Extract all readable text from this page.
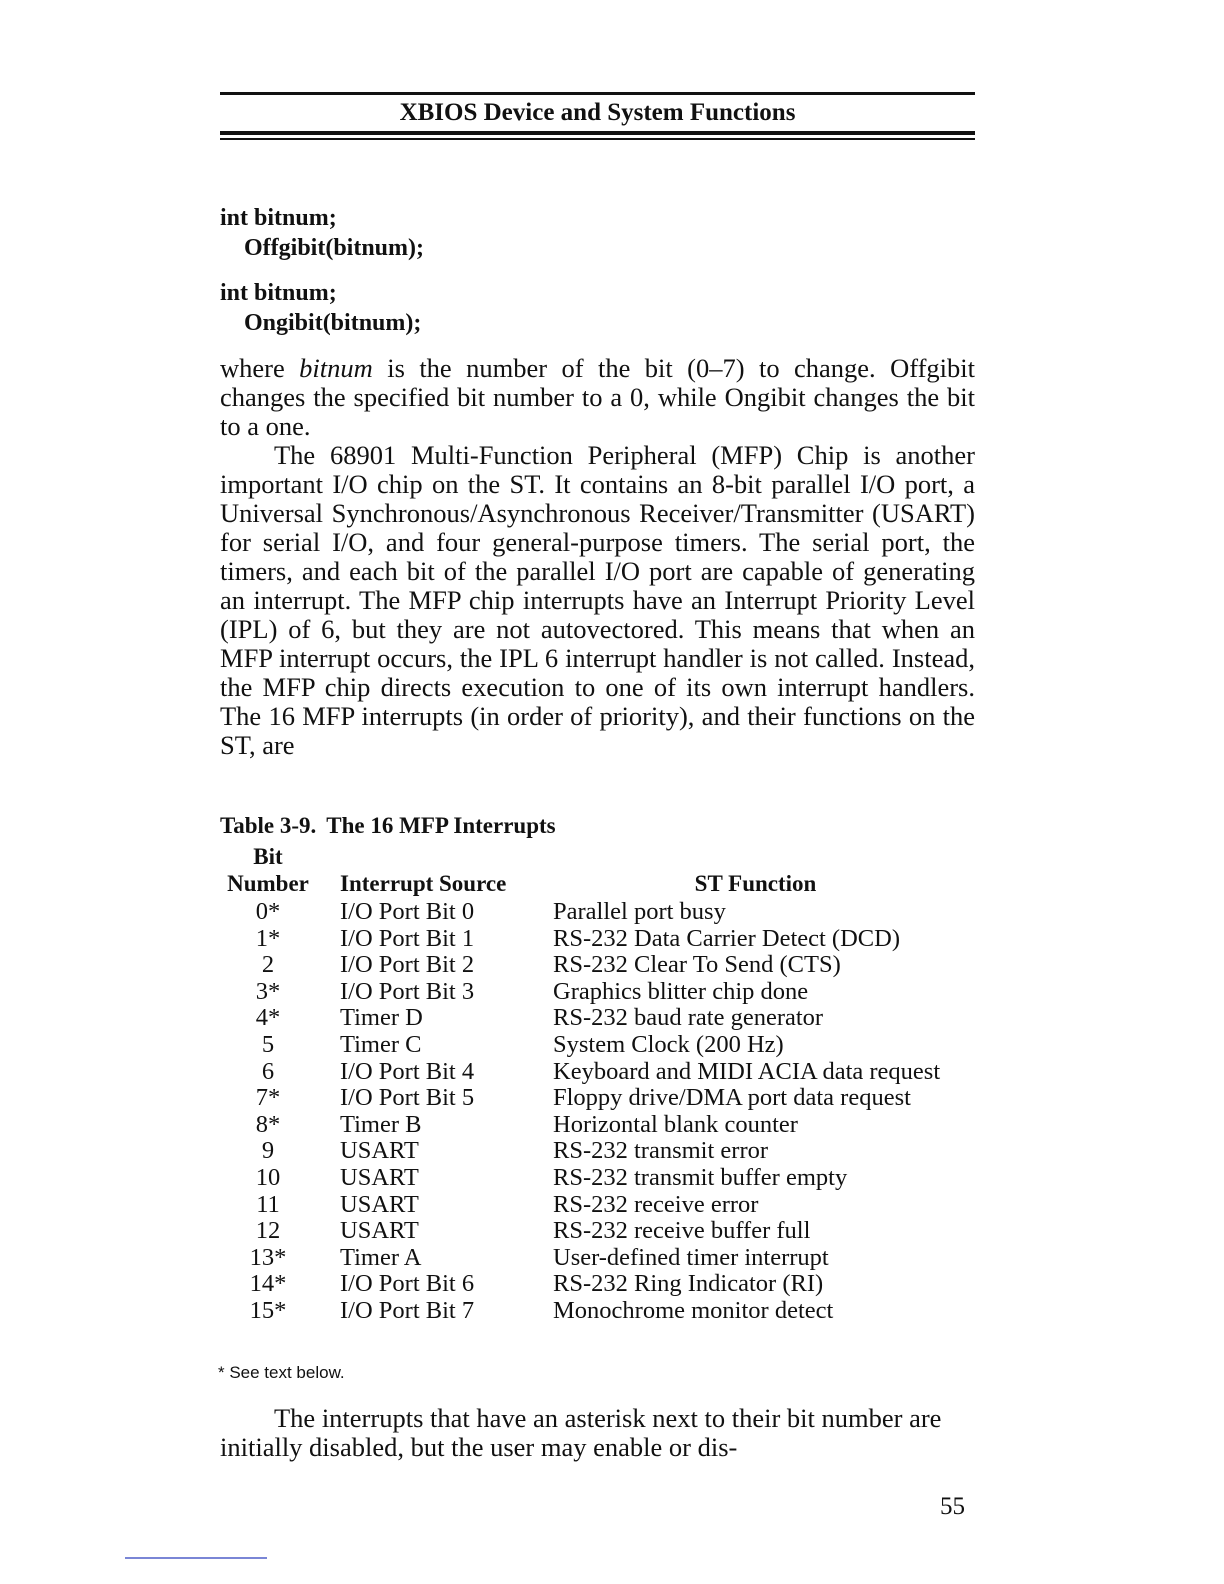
XBIOS Device and System Functions
int bitnum;
Offgibit(bitnum);
int bitnum;
Ongibit(bitnum);

where bitnum is the number of the bit (0–7) to change. Offgibit changes the specified bit number to a 0, while Ongibit changes the bit to a one.

The 68901 Multi-Function Peripheral (MFP) Chip is another important I/O chip on the ST. It contains an 8-bit parallel I/O port, a Universal Synchronous/Asynchronous Receiver/Transmitter (USART) for serial I/O, and four general-purpose timers. The serial port, the timers, and each bit of the parallel I/O port are capable of generating an interrupt. The MFP chip interrupts have an Interrupt Priority Level (IPL) of 6, but they are not autovectored. This means that when an MFP interrupt occurs, the IPL 6 interrupt handler is not called. Instead, the MFP chip directs execution to one of its own interrupt handlers. The 16 MFP interrupts (in order of priority), and their functions on the ST, are

Table 3-9. The 16 MFP Interrupts
Bit
Number	Interrupt Source	ST Function
0*	I/O Port Bit 0	Parallel port busy
1*	I/O Port Bit 1	RS-232 Data Carrier Detect (DCD)
2	I/O Port Bit 2	RS-232 Clear To Send (CTS)
3*	I/O Port Bit 3	Graphics blitter chip done
4*	Timer D	RS-232 baud rate generator
5	Timer C	System Clock (200 Hz)
6	I/O Port Bit 4	Keyboard and MIDI ACIA data request
7*	I/O Port Bit 5	Floppy drive/DMA port data request
8*	Timer B	Horizontal blank counter
9	USART	RS-232 transmit error
10	USART	RS-232 transmit buffer empty
11	USART	RS-232 receive error
12	USART	RS-232 receive buffer full
13*	Timer A	User-defined timer interrupt
14*	I/O Port Bit 6	RS-232 Ring Indicator (RI)
15*	I/O Port Bit 7	Monochrome monitor detect
* See text below.

The interrupts that have an asterisk next to their bit number are initially disabled, but the user may enable or dis-

55
